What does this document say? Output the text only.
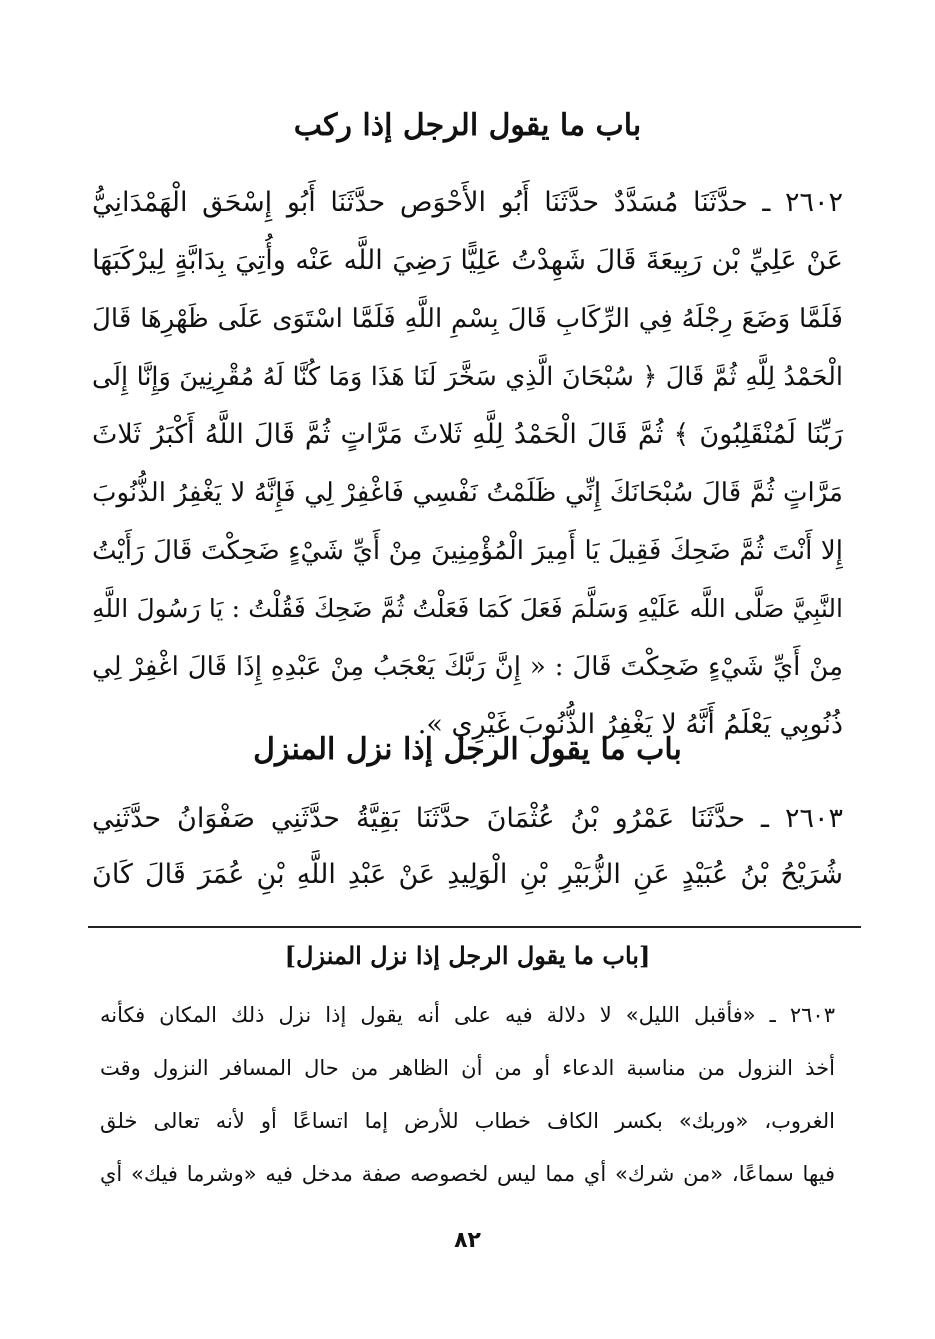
باب ما يقول الرجل إذا ركب
٢٦٠٢ ـ حدَّثَنَا مُسَدَّدٌ حدَّثَنَا أَبُو الأَحْوَص حدَّثَنَا أَبُو إِسْحَق الْهَمْدَانِيُّ
عَنْ عَلِيِّ بْن رَبِيعَةَ قَالَ شَهِدْتُ عَلِيًّا رَضِيَ اللَّه عَنْه وأُتِيَ بِدَابَّةٍ لِيرْكَبَهَا
فَلَمَّا وَضَعَ رِجْلَهُ فِي الرِّكَابِ قَالَ بِسْمِ اللَّهِ فَلَمَّا اسْتَوَى عَلَى ظَهْرِهَا قَالَ
الْحَمْدُ لِلَّهِ ثُمَّ قَالَ ﴿ سُبْحَانَ الَّذِي سَخَّرَ لَنَا هَذَا وَمَا كُنَّا لَهُ مُقْرِنِينَ وَإِنَّا إِلَى
رَبِّنَا لَمُنْقَلِبُونَ ﴾ ثُمَّ قَالَ الْحَمْدُ لِلَّهِ ثَلاثَ مَرَّاتٍ ثُمَّ قَالَ اللَّهُ أَكْبَرُ ثَلاثَ
مَرَّاتٍ ثُمَّ قَالَ سُبْحَانَكَ إِنِّي ظَلَمْتُ نَفْسِي فَاغْفِرْ لِي فَإِنَّهُ لا يَغْفِرُ الذُّنُوبَ
إِلا أَنْتَ ثُمَّ ضَحِكَ فَقِيلَ يَا أَمِيرَ الْمُؤْمِنِينَ مِنْ أَيِّ شَيْءٍ ضَحِكْتَ قَالَ رَأَيْتُ
النَّبِيَّ صَلَّى اللَّه عَلَيْهِ وَسَلَّمَ فَعَلَ كَمَا فَعَلْتُ ثُمَّ ضَحِكَ فَقُلْتُ : يَا رَسُولَ اللَّهِ
مِنْ أَيِّ شَيْءٍ ضَحِكْتَ قَالَ : « إِنَّ رَبَّكَ يَعْجَبُ مِنْ عَبْدِهِ إِذَا قَالَ اغْفِرْ لِي
ذُنُوبِي يَعْلَمُ أَنَّهُ لا يَغْفِرُ الذُّنُوبَ غَيْرِي ».
باب ما يقول الرجل إذا نزل المنزل
٢٦٠٣ ـ حدَّثَنَا عَمْرُو بْنُ عُثْمَانَ حدَّثَنَا بَقِيَّةُ حدَّثَنِي صَفْوَانُ حدَّثَنِي
شُرَيْحُ بْنُ عُبَيْدٍ عَنِ الزُّبَيْرِ بْنِ الْوَلِيدِ عَنْ عَبْدِ اللَّهِ بْنِ عُمَرَ قَالَ كَانَ
[باب ما يقول الرجل إذا نزل المنزل]
٢٦٠٣ ـ «فأقبل الليل» لا دلالة فيه على أنه يقول إذا نزل ذلك المكان فكأنه
أخذ النزول من مناسبة الدعاء أو من أن الظاهر من حال المسافر النزول وقت
الغروب، «وربك» بكسر الكاف خطاب للأرض إما اتساعًا أو لأنه تعالى خلق
فيها سماعًا، «من شرك» أي مما ليس لخصوصه صفة مدخل فيه «وشرما فيك» أي
٨٢
